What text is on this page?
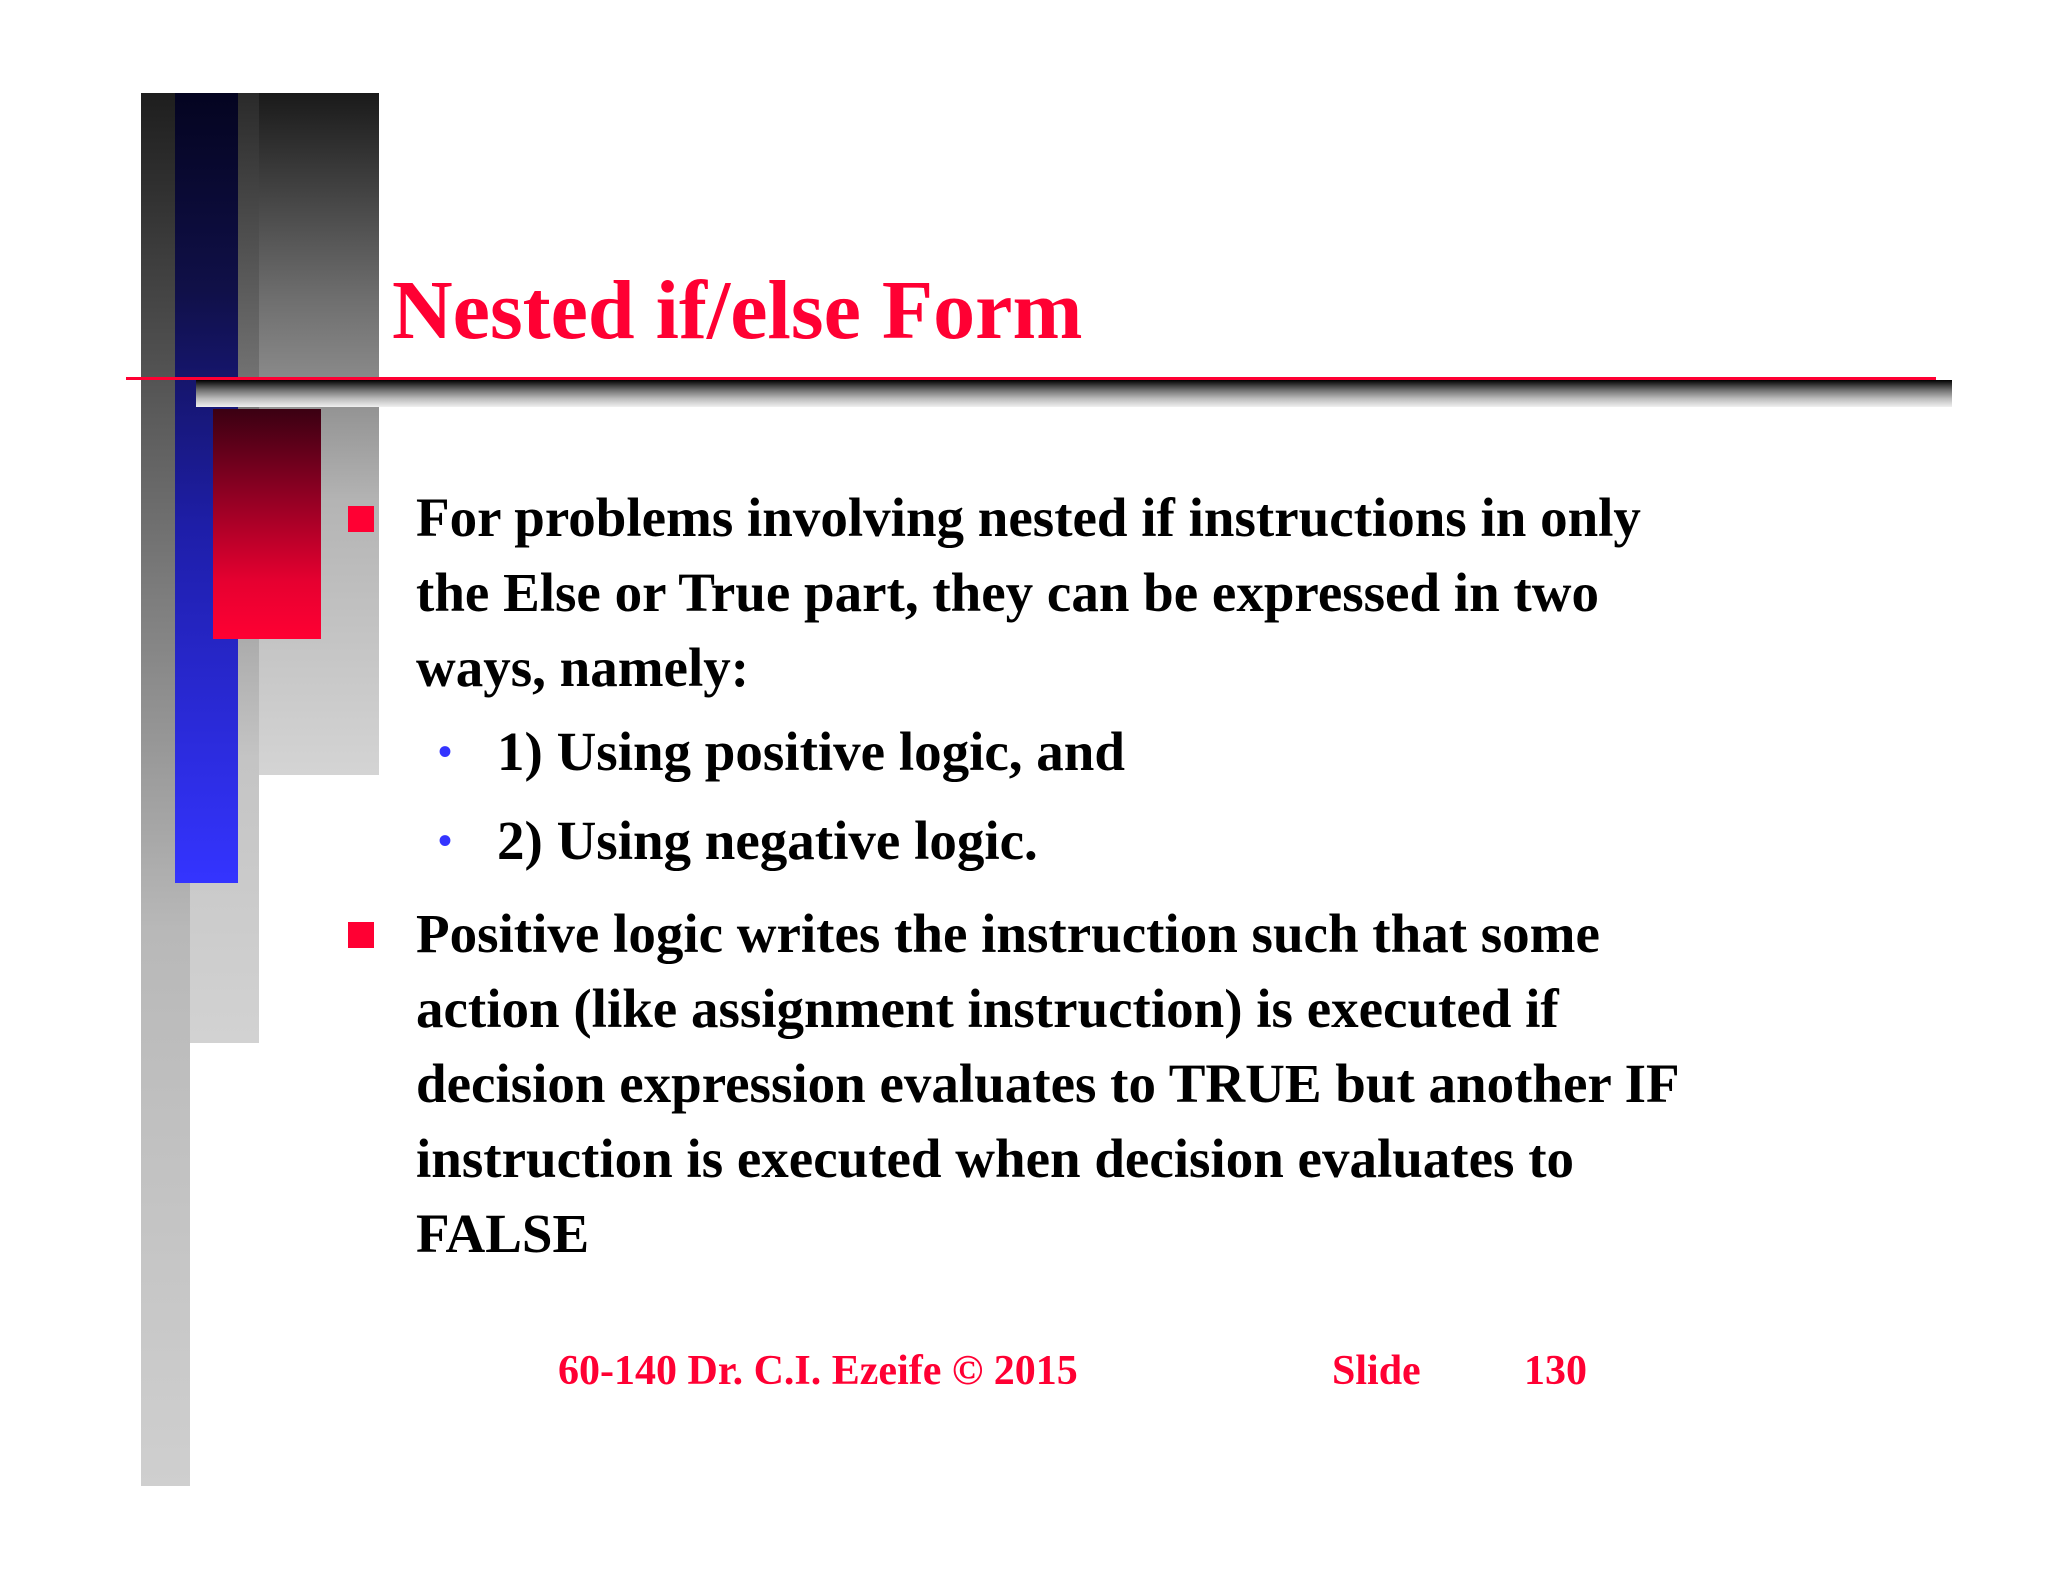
Nested if/else Form
For problems involving nested if instructions in only
the Else or True part, they can be expressed in two
ways, namely:
• 1) Using positive logic, and
• 2) Using negative logic.
Positive logic writes the instruction such that some
action (like assignment instruction) is executed if
decision expression evaluates to TRUE but another IF
instruction is executed when decision evaluates to
FALSE
60-140 Dr. C.I. Ezeife © 2015	Slide 130
